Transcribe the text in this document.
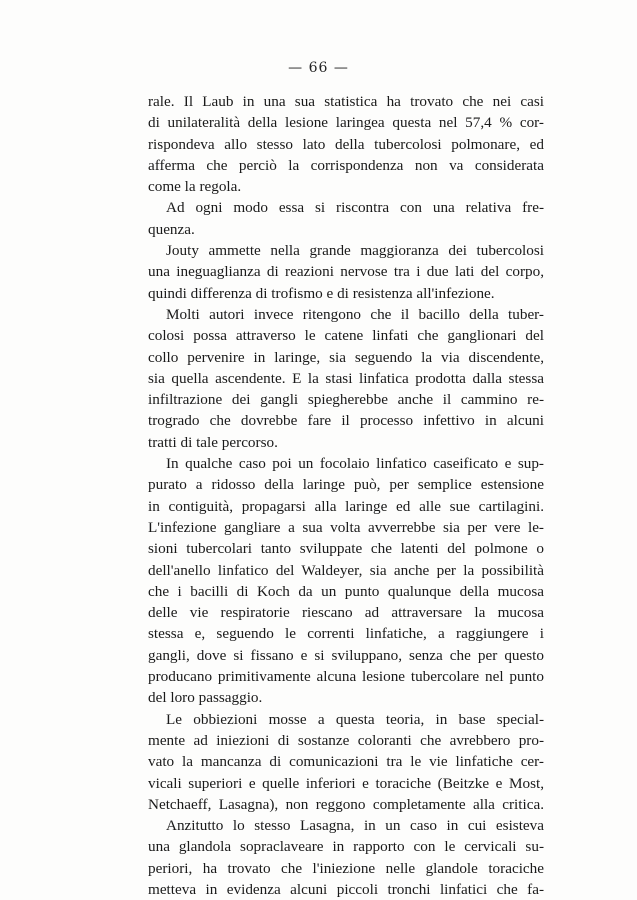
— 66 —
rale. Il Laub in una sua statistica ha trovato che nei casi
di unilateralità della lesione laringea questa nel 57,4 % cor-
rispondeva allo stesso lato della tubercolosi polmonare, ed
afferma che perciò la corrispondenza non va considerata
come la regola.
Ad ogni modo essa si riscontra con una relativa fre-
quenza.
Jouty ammette nella grande maggioranza dei tubercolosi
una ineguaglianza di reazioni nervose tra i due lati del corpo,
quindi differenza di trofismo e di resistenza all'infezione.
Molti autori invece ritengono che il bacillo della tuber-
colosi possa attraverso le catene linfati che ganglionari del
collo pervenire in laringe, sia seguendo la via discendente,
sia quella ascendente. E la stasi linfatica prodotta dalla stessa
infiltrazione dei gangli spiegherebbe anche il cammino re-
trogrado che dovrebbe fare il processo infettivo in alcuni
tratti di tale percorso.
In qualche caso poi un focolaio linfatico caseificato e sup-
purato a ridosso della laringe può, per semplice estensione
in contiguità, propagarsi alla laringe ed alle sue cartilagini.
L'infezione gangliare a sua volta avverrebbe sia per vere le-
sioni tubercolari tanto sviluppate che latenti del polmone o
dell'anello linfatico del Waldeyer, sia anche per la possibilità
che i bacilli di Koch da un punto qualunque della mucosa
delle vie respiratorie riescano ad attraversare la mucosa
stessa e, seguendo le correnti linfatiche, a raggiungere i
gangli, dove si fissano e si sviluppano, senza che per questo
producano primitivamente alcuna lesione tubercolare nel punto
del loro passaggio.
Le obbiezioni mosse a questa teoria, in base special-
mente ad iniezioni di sostanze coloranti che avrebbero pro-
vato la mancanza di comunicazioni tra le vie linfatiche cer-
vicali superiori e quelle inferiori e toraciche (Beitzke e Most,
Netchaeff, Lasagna), non reggono completamente alla critica.
Anzitutto lo stesso Lasagna, in un caso in cui esisteva
una glandola sopraclaveare in rapporto con le cervicali su-
periori, ha trovato che l'iniezione nelle glandole toraciche
metteva in evidenza alcuni piccoli tronchi linfatici che fa-
